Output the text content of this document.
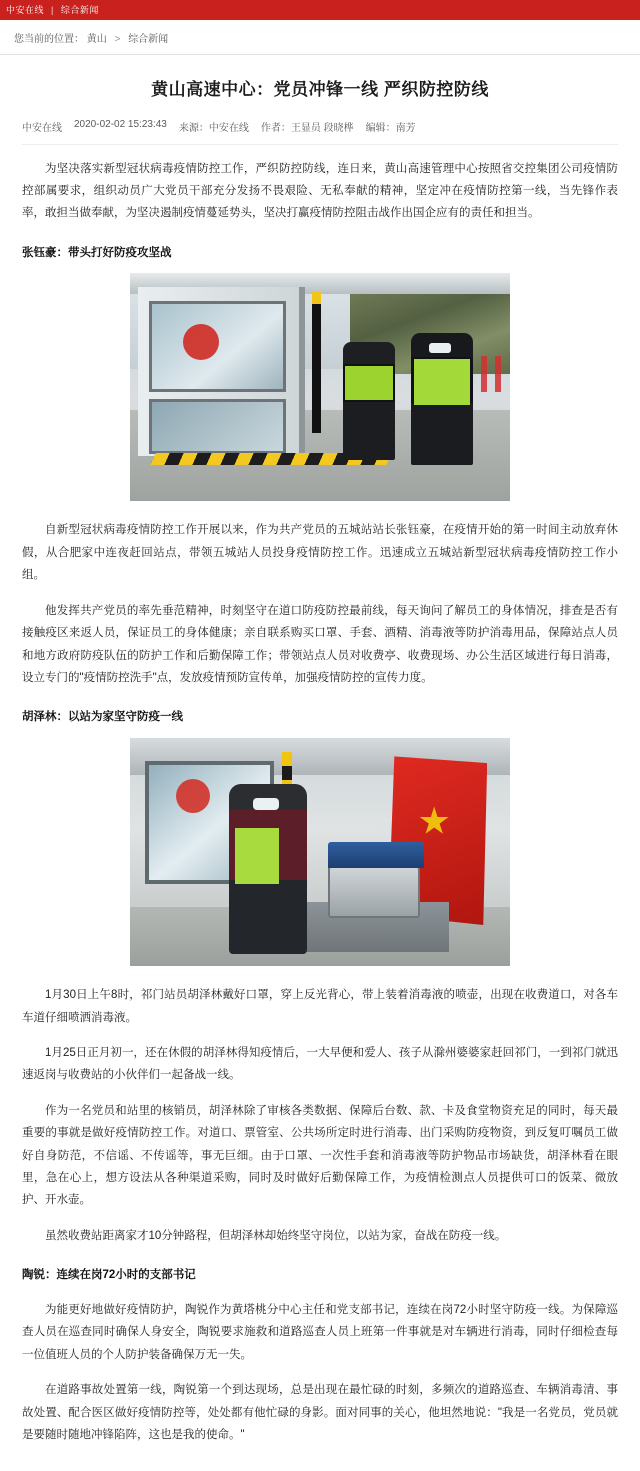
中安在线 | 综合新闻
您当前的位置： 黄山 > 综合新闻
黄山高速中心：党员冲锋一线 严织防控防线
中安在线 2020-02-02 15:23:43 来源：中安在线 作者：王显员 段晓桦 编辑：南芳

为坚决落实新型冠状病毒疫情防控工作，严织防控防线，连日来，黄山高速管理中心按照省交控集团公司疫情防控部属要求，组织动员广大党员干部充分发扬不畏艰险、无私奉献的精神，坚定冲在疫情防控第一线，当先锋作表率，敢担当做奉献，为坚决遏制疫情蔓延势头，坚决打赢疫情防控阻击战作出国企应有的责任和担当。

张钰豪：带头打好防疫攻坚战

自新型冠状病毒疫情防控工作开展以来，作为共产党员的五城站站长张钰豪，在疫情开始的第一时间主动放弃休假，从合肥家中连夜赶回站点，带领五城站人员投身疫情防控工作。迅速成立五城站新型冠状病毒疫情防控工作小组。

他发挥共产党员的率先垂范精神，时刻坚守在道口防疫防控最前线，每天询问了解员工的身体情况，排查是否有接触疫区来返人员，保证员工的身体健康；亲自联系购买口罩、手套、酒精、消毒液等防护消毒用品，保障站点人员和地方政府防疫队伍的防护工作和后勤保障工作；带领站点人员对收费亭、收费现场、办公生活区域进行每日消毒，设立专门的"疫情防控洗手"点，发放疫情预防宣传单，加强疫情防控的宣传力度。

胡泽林：以站为家坚守防疫一线

1月30日上午8时，祁门站员胡泽林戴好口罩，穿上反光背心，带上装着消毒液的喷壶，出现在收费道口，对各车车道仔细喷洒消毒液。

1月25日正月初一，还在休假的胡泽林得知疫情后，一大早便和爱人、孩子从滁州婆婆家赶回祁门，一到祁门就迅速返岗与收费站的小伙伴们一起备战一线。

作为一名党员和站里的核销员，胡泽林除了审核各类数据、保障后台数、款、卡及食堂物资充足的同时，每天最重要的事就是做好疫情防控工作。对道口、票管室、公共场所定时进行消毒、出门采购防疫物资，到反复叮嘱员工做好自身防范，不信谣、不传谣等，事无巨细。由于口罩、一次性手套和消毒液等防护物品市场缺货，胡泽林看在眼里，急在心上，想方设法从各种渠道采购，同时及时做好后勤保障工作，为疫情检测点人员提供可口的饭菜、微放护、开水壶。

虽然收费站距离家才10分钟路程，但胡泽林却始终坚守岗位，以站为家，奋战在防疫一线。

陶锐：连续在岗72小时的支部书记

为能更好地做好疫情防护，陶锐作为黄塔桃分中心主任和党支部书记，连续在岗72小时坚守防疫一线。为保障巡查人员在巡查同时确保人身安全，陶锐要求施救和道路巡查人员上班第一件事就是对车辆进行消毒，同时仔细检查每一位值班人员的个人防护装备确保万无一失。

在道路事故处置第一线，陶锐第一个到达现场，总是出现在最忙碌的时刻，多频次的道路巡查、车辆消毒清、事故处置、配合医区做好疫情防控等，处处都有他忙碌的身影。面对同事的关心，他坦然地说："我是一名党员，党员就是要随时随地冲锋陷阵，这也是我的使命。"
